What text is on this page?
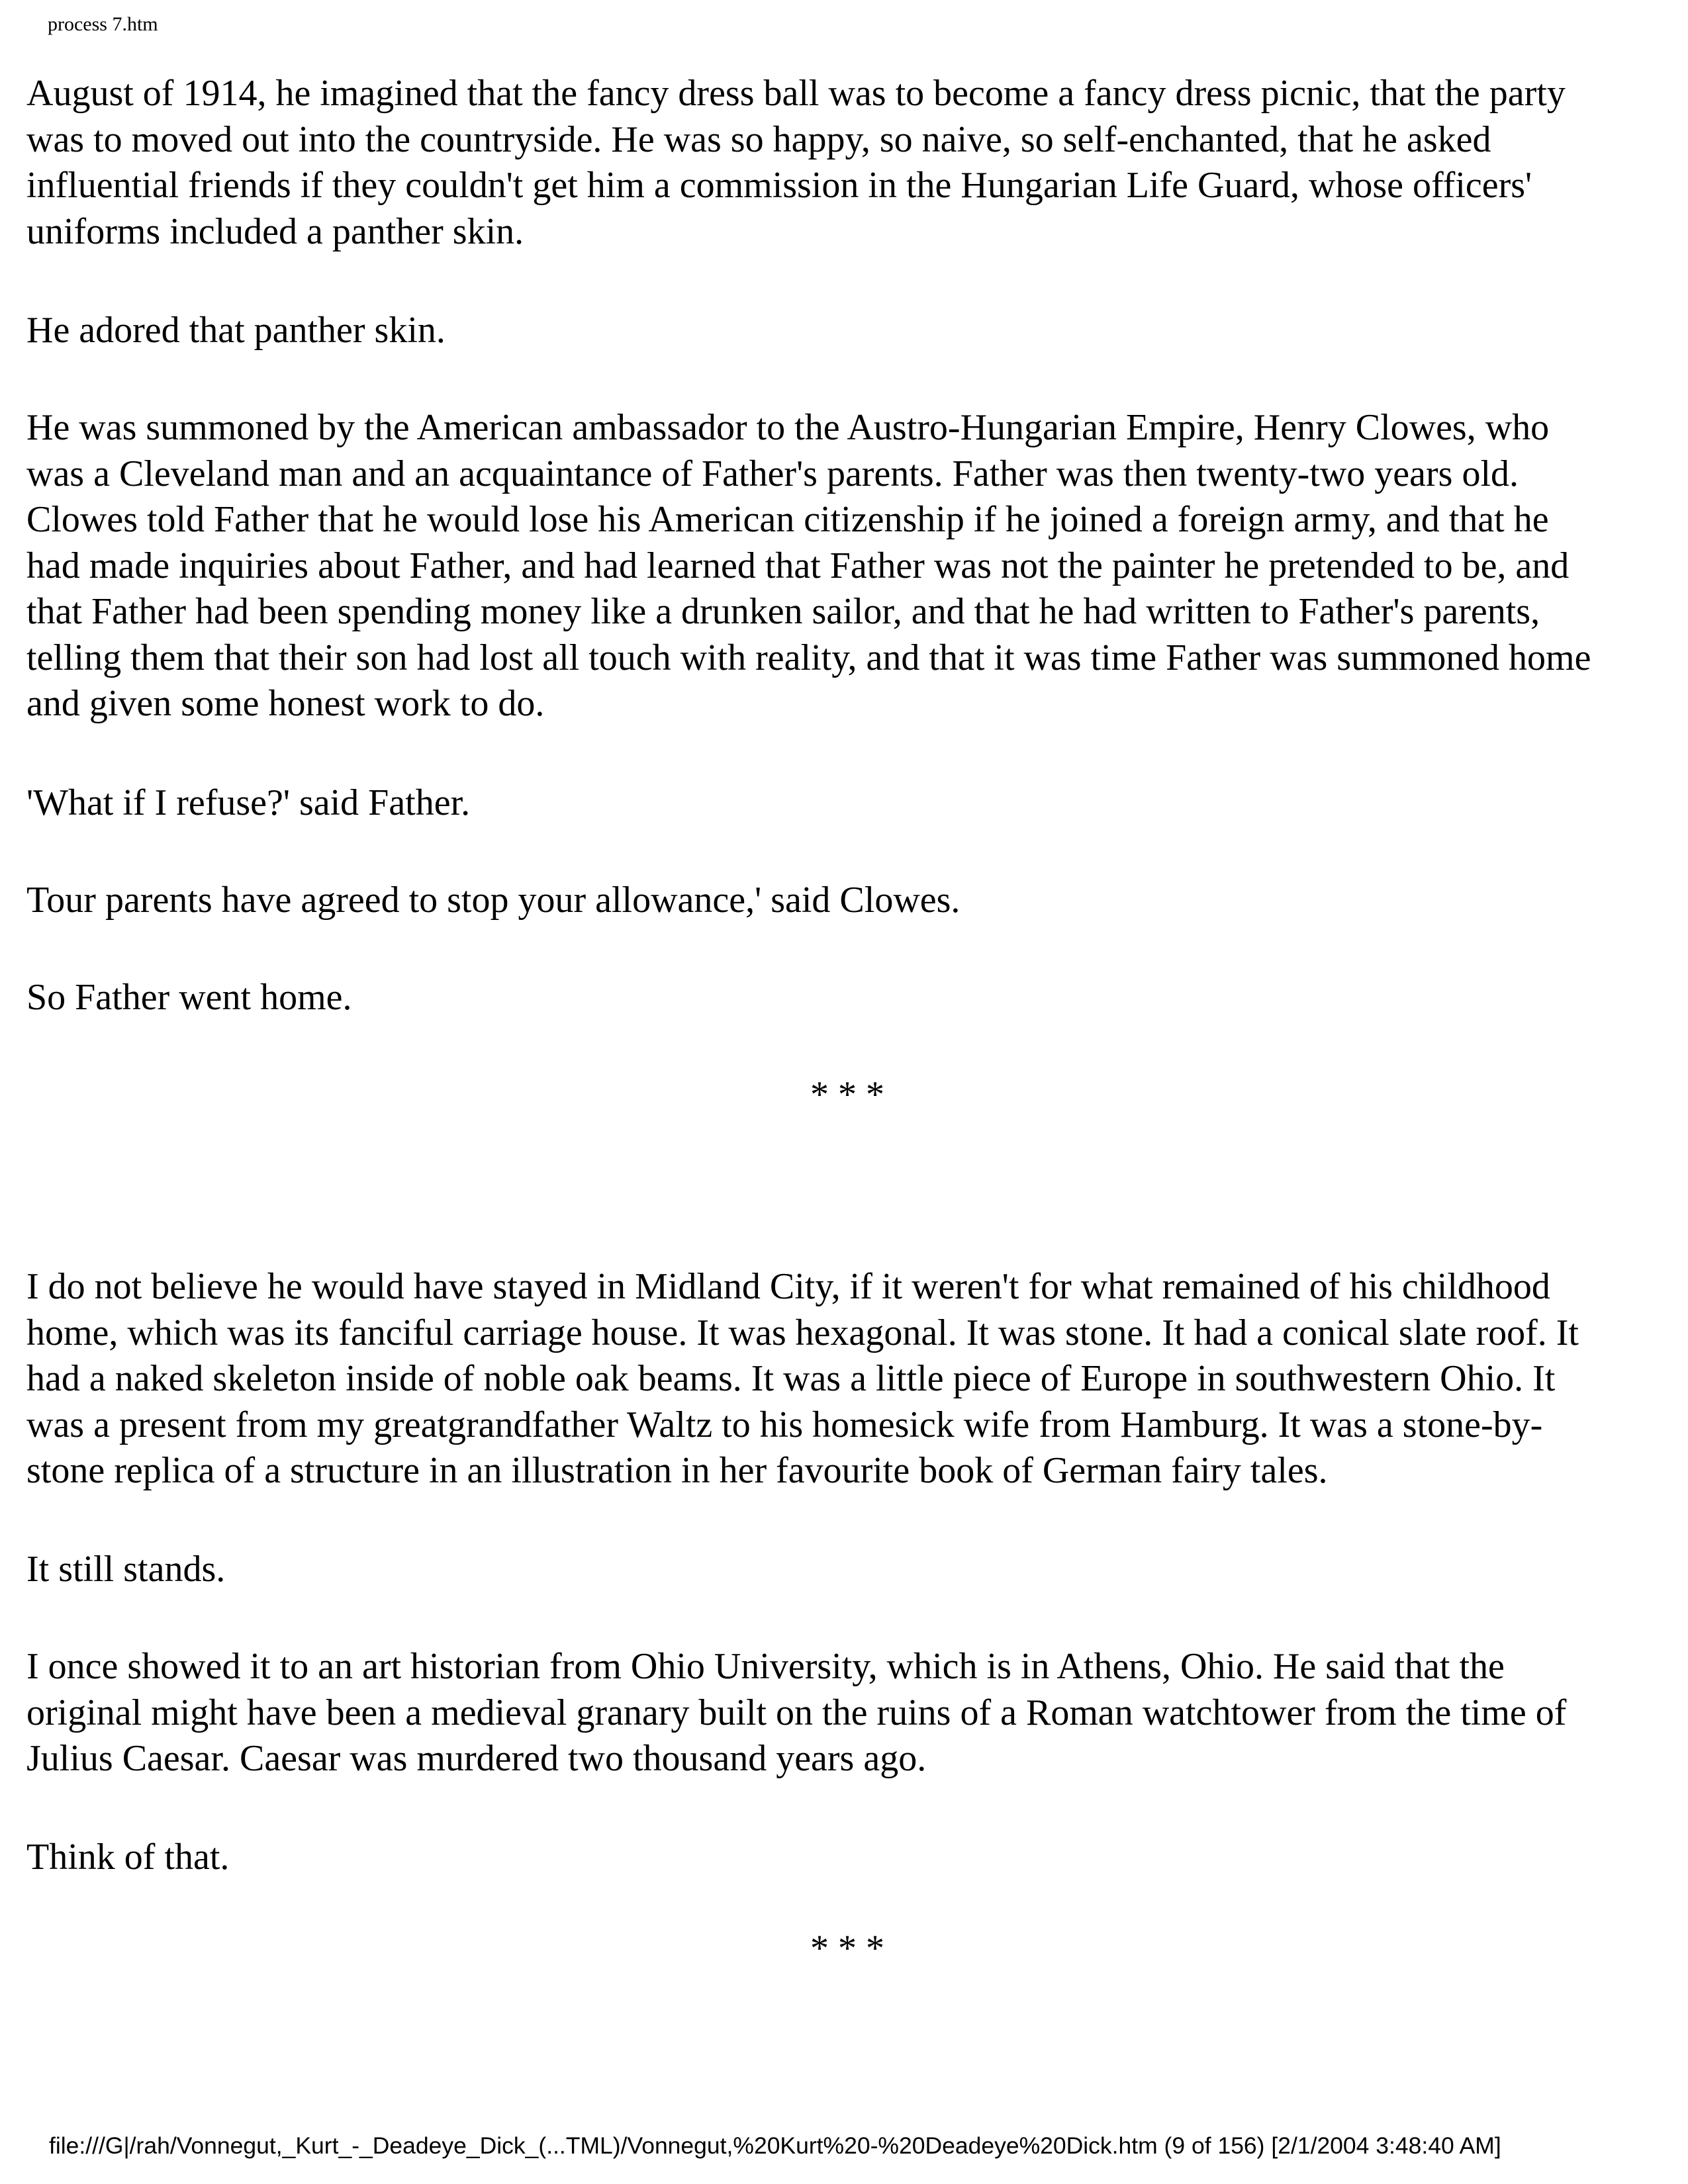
process 7.htm

August of 1914, he imagined that the fancy dress ball was to become a fancy dress picnic, that the party
was to moved out into the countryside. He was so happy, so naive, so self-enchanted, that he asked
influential friends if they couldn't get him a commission in the Hungarian Life Guard, whose officers'
uniforms included a panther skin.

He adored that panther skin.

He was summoned by the American ambassador to the Austro-Hungarian Empire, Henry Clowes, who
was a Cleveland man and an acquaintance of Father's parents. Father was then twenty-two years old.
Clowes told Father that he would lose his American citizenship if he joined a foreign army, and that he
had made inquiries about Father, and had learned that Father was not the painter he pretended to be, and
that Father had been spending money like a drunken sailor, and that he had written to Father's parents,
telling them that their son had lost all touch with reality, and that it was time Father was summoned home
and given some honest work to do.

'What if I refuse?' said Father.

Tour parents have agreed to stop your allowance,' said Clowes.

So Father went home.

* * *

I do not believe he would have stayed in Midland City, if it weren't for what remained of his childhood
home, which was its fanciful carriage house. It was hexagonal. It was stone. It had a conical slate roof. It
had a naked skeleton inside of noble oak beams. It was a little piece of Europe in southwestern Ohio. It
was a present from my greatgrandfather Waltz to his homesick wife from Hamburg. It was a stone-by-
stone replica of a structure in an illustration in her favourite book of German fairy tales.

It still stands.

I once showed it to an art historian from Ohio University, which is in Athens, Ohio. He said that the
original might have been a medieval granary built on the ruins of a Roman watchtower from the time of
Julius Caesar. Caesar was murdered two thousand years ago.

Think of that.

* * *

file:///G|/rah/Vonnegut,_Kurt_-_Deadeye_Dick_(...TML)/Vonnegut,%20Kurt%20-%20Deadeye%20Dick.htm (9 of 156) [2/1/2004 3:48:40 AM]
